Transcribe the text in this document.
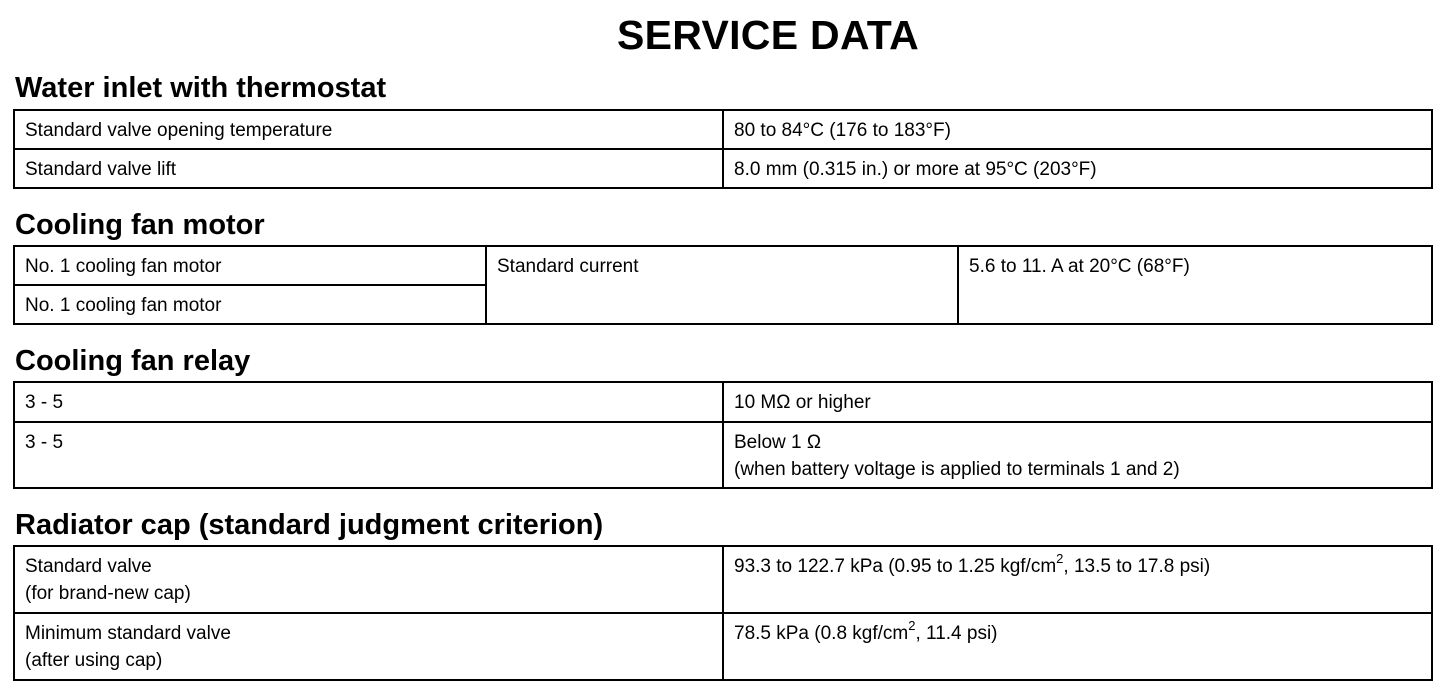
SERVICE DATA
Water inlet with thermostat
Standard valve opening temperature	80 to 84°C (176 to 183°F)
Standard valve lift	8.0 mm (0.315 in.) or more at 95°C (203°F)
Cooling fan motor
No. 1 cooling fan motor	Standard current	5.6 to 11. A at 20°C (68°F)
No. 1 cooling fan motor
Cooling fan relay
3 - 5	10 MΩ or higher
3 - 5	Below 1 Ω
(when battery voltage is applied to terminals 1 and 2)
Radiator cap (standard judgment criterion)
Standard valve
(for brand-new cap)	93.3 to 122.7 kPa (0.95 to 1.25 kgf/$cm^2$, 13.5 to 17.8 psi)

Minimum standard valve
(after using cap)	78.5 kPa (0.8 kgf/$cm^2$, 11.4 psi)
